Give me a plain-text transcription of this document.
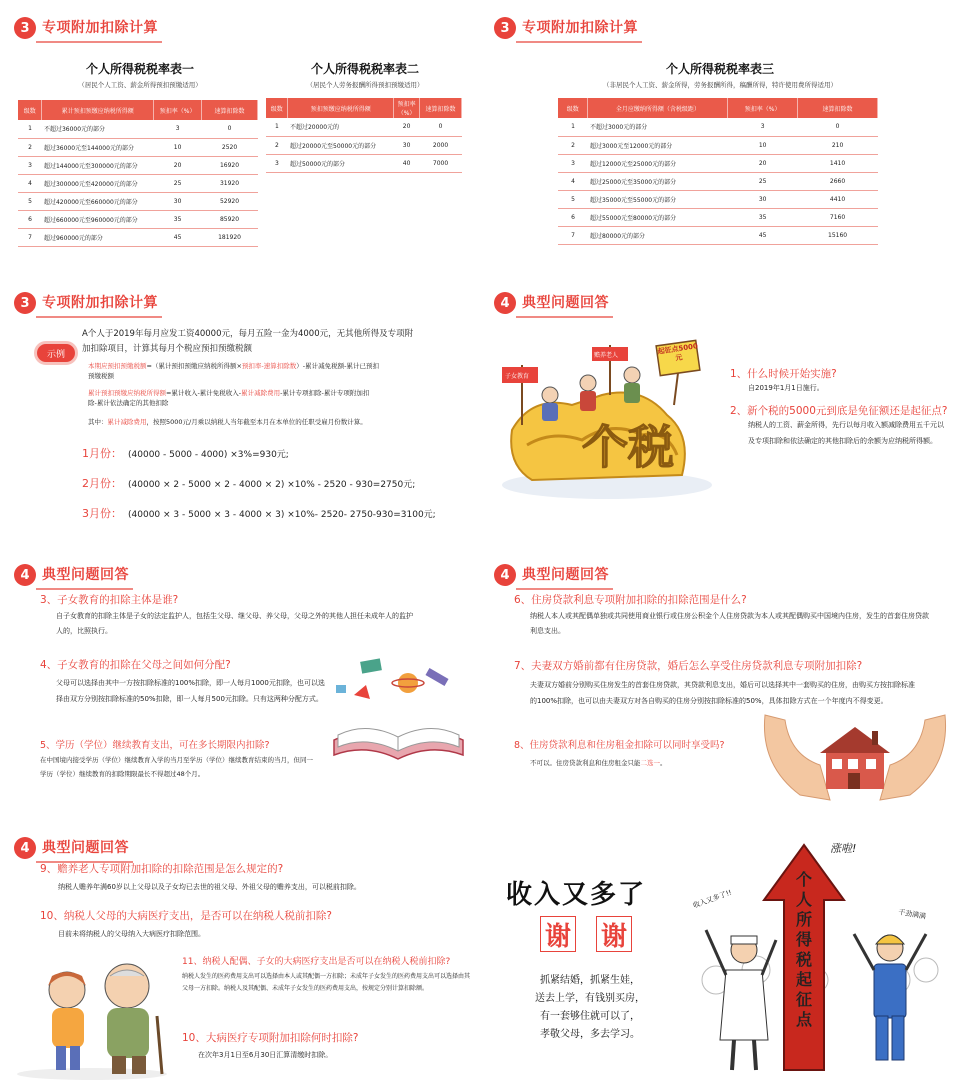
3 专项附加扣除计算
个人所得税税率表一
（居民个人工资、薪金所得预扣预缴适用）
级数	累计预扣预缴应纳税所得额	预扣率（%）	速算扣除数
1	不超过36000元的部分	3	0
2	超过36000元至144000元的部分	10	2520
3	超过144000元至300000元的部分	20	16920
4	超过300000元至420000元的部分	25	31920
5	超过420000元至660000元的部分	30	52920
6	超过660000元至960000元的部分	35	85920
7	超过960000元的部分	45	181920
个人所得税税率表二
（居民个人劳务报酬所得预扣预缴适用）
级数	预扣预缴应纳税所得额	预扣率（%）	速算扣除数
1	不超过20000元的	20	0
2	超过20000元至50000元的部分	30	2000
3	超过50000元的部分	40	7000
3 专项附加扣除计算
个人所得税税率表三
（非居民个人工资、薪金所得，劳务报酬所得，稿酬所得，特许使用费所得适用）
级数	全月应缴纳所得额（含税级距）	预扣率（%）	速算扣除数
1	不超过3000元的部分	3	0
2	超过3000元至12000元的部分	10	210
3	超过12000元至25000元的部分	20	1410
4	超过25000元至35000元的部分	25	2660
5	超过35000元至55000元的部分	30	4410
6	超过55000元至80000元的部分	35	7160
7	超过80000元的部分	45	15160
3 专项附加扣除计算
示例
A个人于2019年每月应发工资40000元，每月五险一金为4000元，无其他所得及专项附
加扣除项目，计算其每月个税应预扣预缴税额
本期应预扣预缴税额=（累计预扣预缴应纳税所得额×预扣率-速算扣除数）-累计减免税额-累计已预扣
预缴税额
累计预扣预缴应纳税所得额=累计收入-累计免税收入-累计减除费用-累计专项扣除-累计专项附加扣
除-累计依法确定的其他扣除
其中：累计减除费用，按照5000元/月乘以纳税人当年截至本月在本单位的任职受雇月份数计算。
1月份： (40000 - 5000 - 4000) ×3%=930元;
2月份： (40000 × 2 - 5000 × 2 - 4000 × 2) ×10% - 2520 - 930=2750元;
3月份： (40000 × 3 - 5000 × 3 - 4000 × 3) ×10%- 2520- 2750-930=3100元;
4 典型问题回答
个税
子女教育
赡养老人	起征点5000元
1、什么时候开始实施?
自2019年1月1日施行。
2、新个税的5000元到底是免征额还是起征点?
纳税人的工资、薪金所得，先行以每月收入额减除费用五千元以及专项扣除和依法确定的其他扣除后的余额为应纳税所得额。
4 典型问题回答
3、子女教育的扣除主体是谁?
自子女教育的扣除主体是子女的法定监护人，包括生父母、继父母、养父母，父母之外的其他人担任未成年人的监护人的，比照执行。
4、子女教育的扣除在父母之间如何分配?
父母可以选择由其中一方按扣除标准的100%扣除，即一人每月1000元扣除，也可以选择由双方分别按扣除标准的50%扣除，即一人每月500元扣除。只有这两种分配方式。
5、学历（学位）继续教育支出，可在多长期限内扣除?
在中国境内接受学历（学位）继续教育入学的当月至学历（学位）继续教育结束的当月，但同一学历（学位）继续教育的扣除期限最长不得超过48个月。
4 典型问题回答
6、住房贷款利息专项附加扣除的扣除范围是什么?
纳税人本人或其配偶单独或共同使用商业银行或住房公积金个人住房贷款为本人或其配偶购买中国境内住房，发生的首套住房贷款利息支出。
7、夫妻双方婚前都有住房贷款，婚后怎么享受住房贷款利息专项附加扣除?
夫妻双方婚前分别购买住房发生的首套住房贷款，其贷款利息支出，婚后可以选择其中一套购买的住房，由购买方按扣除标准的100%扣除，也可以由夫妻双方对各自购买的住房分别按扣除标准的50%，具体扣除方式在一个年度内不得变更。
8、住房贷款利息和住房租金扣除可以同时享受吗?
不可以。住房贷款利息和住房租金只能二选一。
4 典型问题回答
9、赡养老人专项附加扣除的扣除范围是怎么规定的?
纳税人赡养年满60岁以上父母以及子女均已去世的祖父母、外祖父母的赡养支出，可以税前扣除。
10、纳税人父母的大病医疗支出，是否可以在纳税人税前扣除?
目前未将纳税人的父母纳入大病医疗扣除范围。
11、纳税人配偶、子女的大病医疗支出是否可以在纳税人税前扣除?
纳税人发生的医药费用支出可以选择由本人或其配偶一方扣除；未成年子女发生的医药费用支出可以选择由其父母一方扣除。纳税人及其配偶、未成年子女发生的医药费用支出，按规定分别计算扣除额。
10、大病医疗专项附加扣除何时扣除?
在次年3月1日至6月30日汇算清缴时扣除。
收入又多了
谢 谢
抓紧结婚，抓紧生娃，
送去上学，有钱别买房，
有一套够住就可以了，
孝敬父母，多去学习。
个人所得税起征点
涨啦!
收入又多了!!
干劲满满
